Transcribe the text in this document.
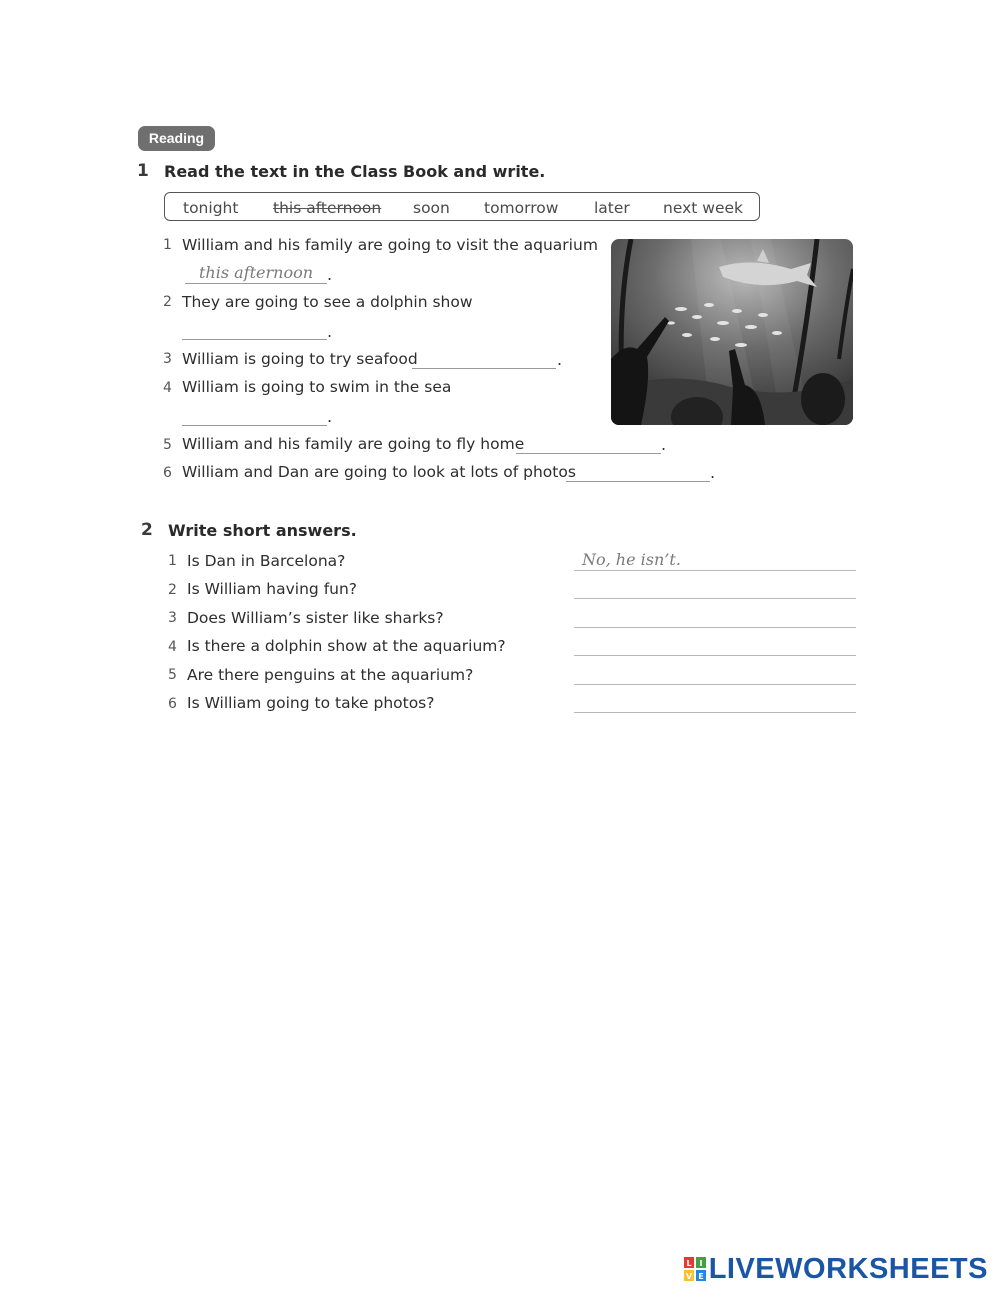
Reading
1 Read the text in the Class Book and write.
tonight this afternoon soon tomorrow later next week
1 William and his family are going to visit the aquarium
this afternoon .
2 They are going to see a dolphin show
.
3 William is going to try seafood	.
4 William is going to swim in the sea
.
5 William and his family are going to fly home	.
6 William and Dan are going to look at lots of photos	.
2 Write short answers.
1 Is Dan in Barcelona?	No, he isn’t.
2 Is William having fun?
3 Does William’s sister like sharks?
4 Is there a dolphin show at the aquarium?
5 Are there penguins at the aquarium?
6 Is William going to take photos?
L I
V E LIVEWORKSHEETS
